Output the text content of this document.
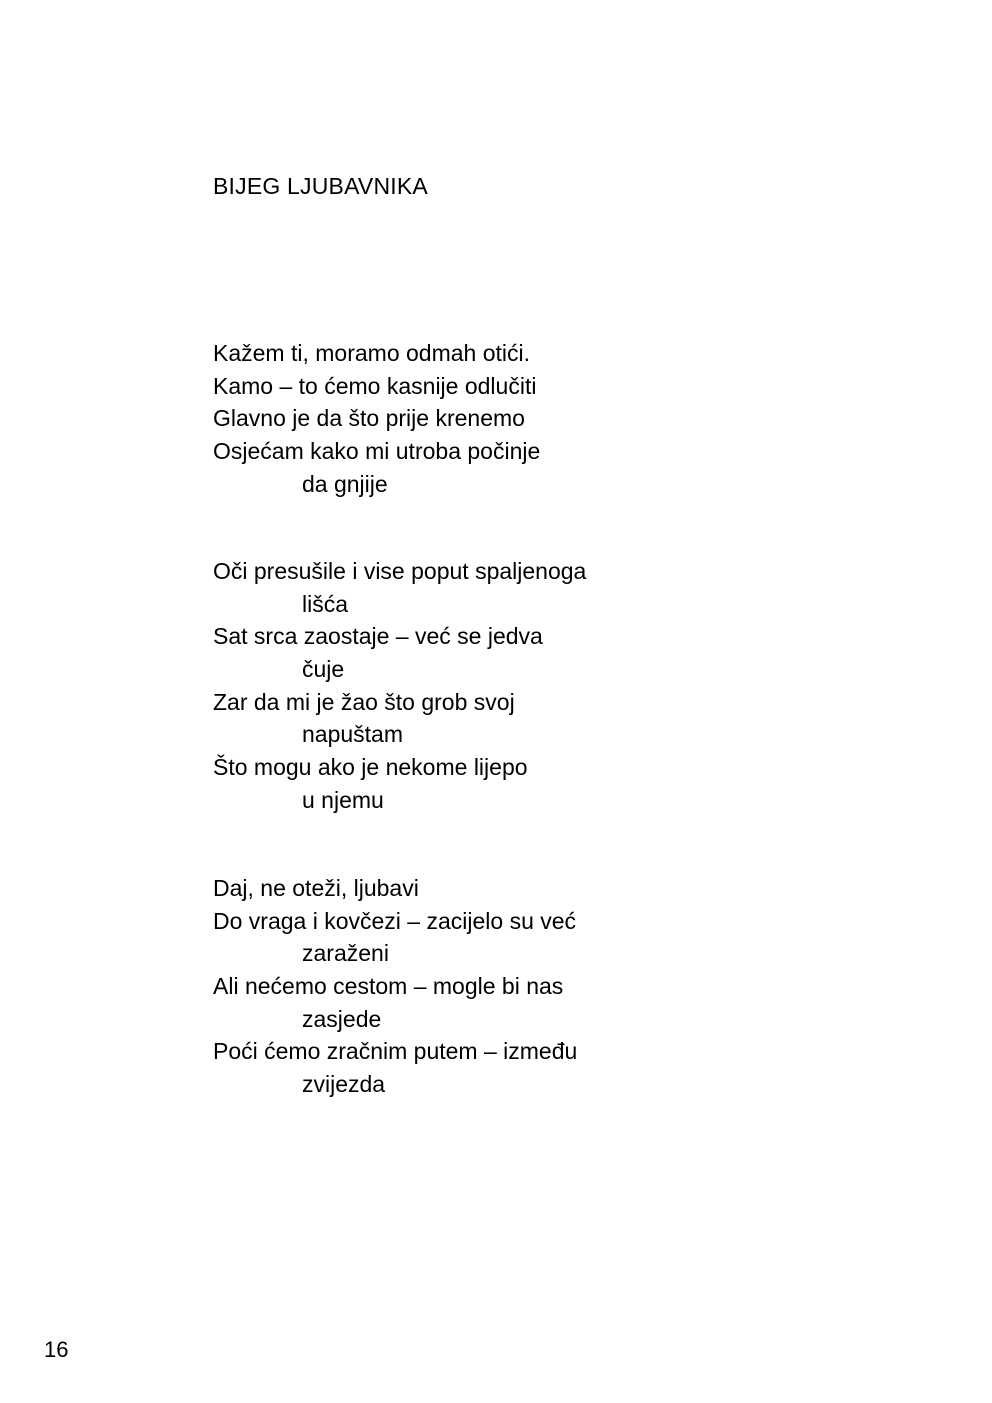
BIJEG LJUBAVNIKA
Kažem ti, moramo odmah otići.
Kamo – to ćemo kasnije odlučiti
Glavno je da što prije krenemo
Osjećam kako mi utroba počinje
da gnjije
Oči presušile i vise poput spaljenoga
lišća
Sat srca zaostaje – već se jedva
čuje
Zar da mi je žao što grob svoj
napuštam
Što mogu ako je nekome lijepo
u njemu
Daj, ne oteži, ljubavi
Do vraga i kovčezi – zacijelo su već
zaraženi
Ali nećemo cestom – mogle bi nas
zasjede
Poći ćemo zračnim putem – između
zvijezda
16
